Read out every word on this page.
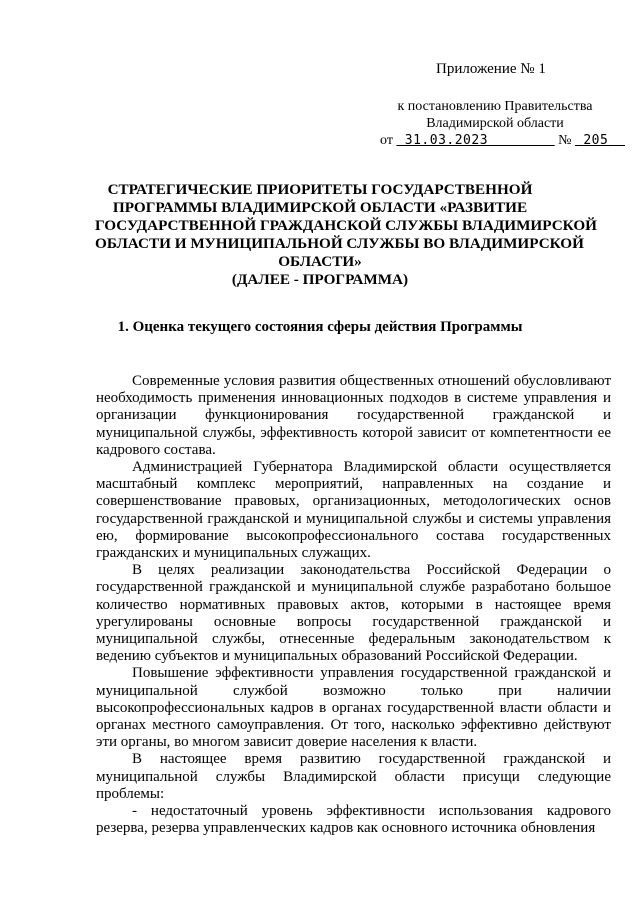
Приложение № 1
к постановлению Правительства
Владимирской области
от 31.03.2023	№ 205
СТРАТЕГИЧЕСКИЕ ПРИОРИТЕТЫ ГОСУДАРСТВЕННОЙ
ПРОГРАММЫ ВЛАДИМИРСКОЙ ОБЛАСТИ «РАЗВИТИЕ
ГОСУДАРСТВЕННОЙ ГРАЖДАНСКОЙ СЛУЖБЫ ВЛАДИМИРСКОЙ
ОБЛАСТИ И МУНИЦИПАЛЬНОЙ СЛУЖБЫ ВО ВЛАДИМИРСКОЙ
ОБЛАСТИ»
(ДАЛЕЕ - ПРОГРАММА)
1. Оценка текущего состояния сферы действия Программы

Современные условия развития общественных отношений обусловливают необходимость применения инновационных подходов в системе управления и организации функционирования государственной гражданской и муниципальной службы, эффективность которой зависит от компетентности ее кадрового состава.

Администрацией Губернатора Владимирской области осуществляется масштабный комплекс мероприятий, направленных на создание и совершенствование правовых, организационных, методологических основ государственной гражданской и муниципальной службы и системы управления ею, формирование высокопрофессионального состава государственных гражданских и муниципальных служащих.

В целях реализации законодательства Российской Федерации о государственной гражданской и муниципальной службе разработано большое количество нормативных правовых актов, которыми в настоящее время урегулированы основные вопросы государственной гражданской и муниципальной службы, отнесенные федеральным законодательством к ведению субъектов и муниципальных образований Российской Федерации.

Повышение эффективности управления государственной гражданской и муниципальной службой возможно только при наличии высокопрофессиональных кадров в органах государственной власти области и органах местного самоуправления. От того, насколько эффективно действуют эти органы, во многом зависит доверие населения к власти.

В настоящее время развитию государственной гражданской и муниципальной службы Владимирской области присущи следующие проблемы:

- недостаточный уровень эффективности использования кадрового резерва, резерва управленческих кадров как основного источника обновления
